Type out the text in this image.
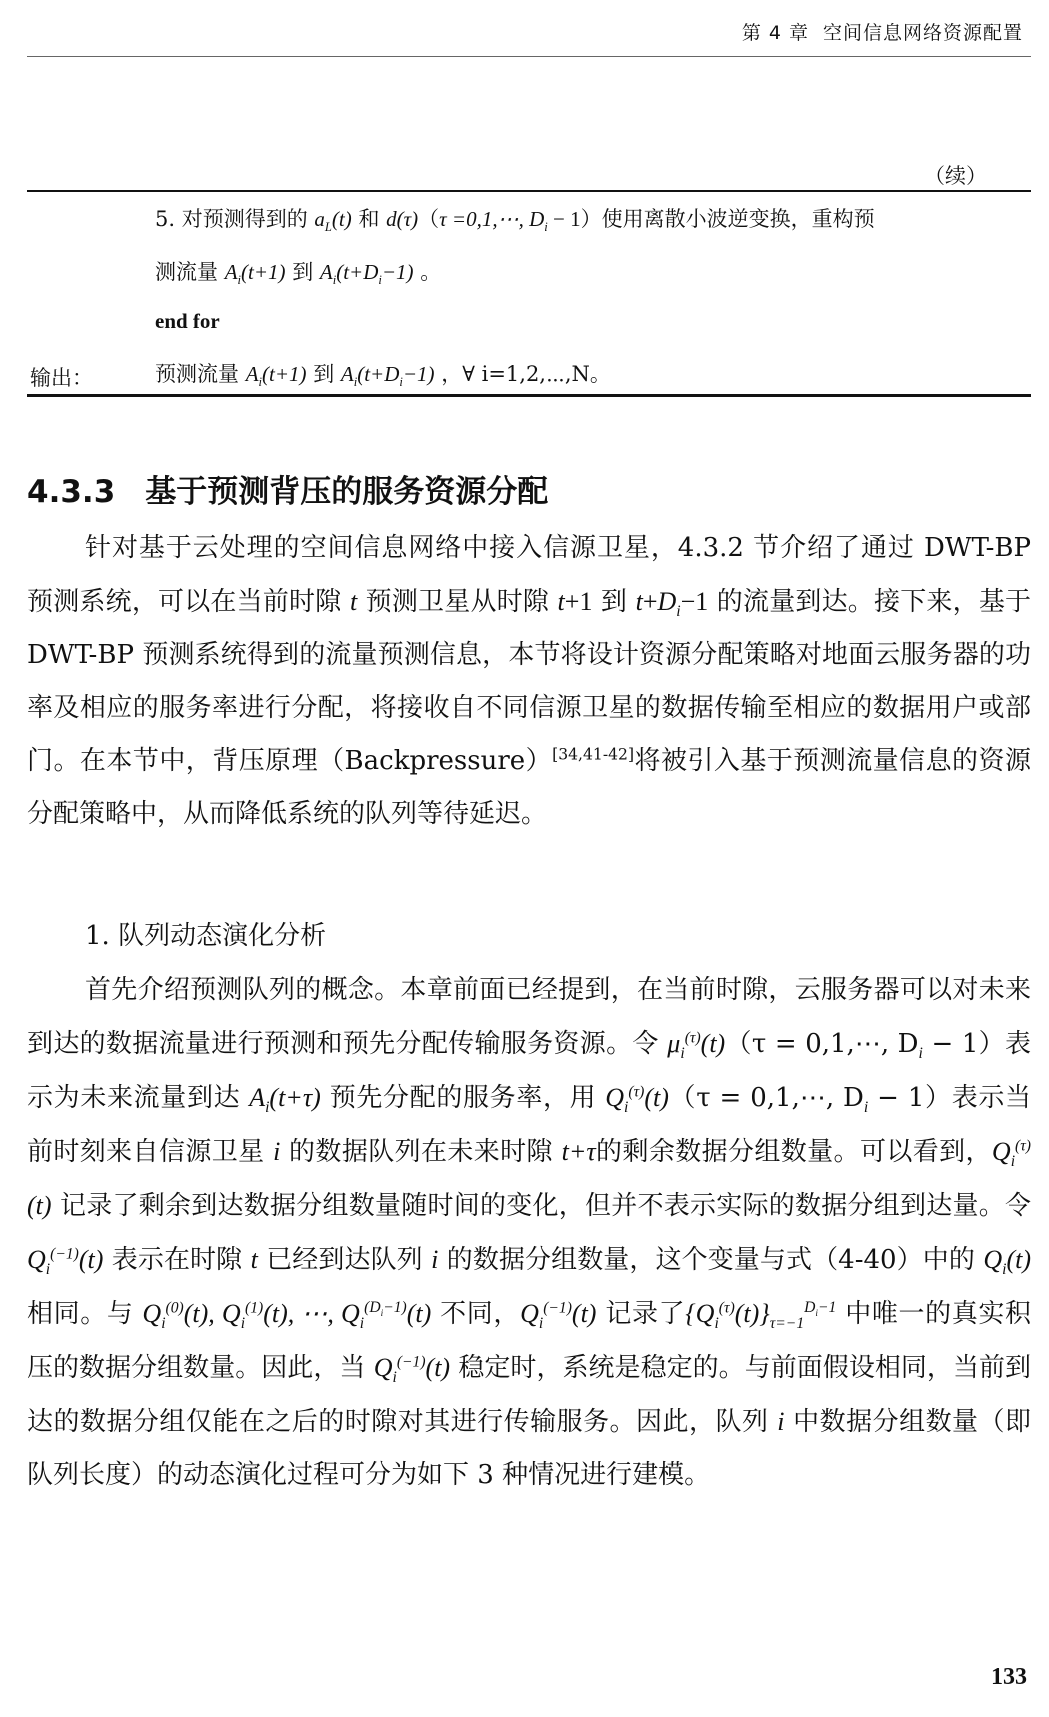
第 4 章 空间信息网络资源配置
（续）
5. 对预测得到的 $a_L(t)$ 和 d(τ)（τ =0,1,⋯, $D_i - 1$）使用离散小波逆变换，重构预
测流量 $A_i(t+1)$ 到 $A_i(t+D_i-1)$ 。
end for
输出：	预测流量 $A_i(t+1)$ 到 $A_i(t+D_i-1)$ ，∀ i=1,2,⋯,N。
4.3.3 基于预测背压的服务资源分配

针对基于云处理的空间信息网络中接入信源卫星，4.3.2 节介绍了通过 DWT-BP 预测系统，可以在当前时隙 t 预测卫星从时隙 t+1 到 $t+D_i-1$ 的流量到达。接下来，基于 DWT-BP 预测系统得到的流量预测信息，本节将设计资源分配策略对地面云服务器的功率及相应的服务率进行分配，将接收自不同信源卫星的数据传输至相应的数据用户或部门。在本节中，背压原理（Backpressure）[34,41-42]将被引入基于预测流量信息的资源分配策略中，从而降低系统的队列等待延迟。

1. 队列动态演化分析

首先介绍预测队列的概念。本章前面已经提到，在当前时隙，云服务器可以对未来到达的数据流量进行预测和预先分配传输服务资源。令 $\mu_i^{(\tau)}(t)(\tau$ = 0,1,⋯, $D_i - 1$）表示为未来流量到达 $A_i(t+\tau)$ 预先分配的服务率，用 $Q_i^{(\tau)}(t)(\tau$ = 0,1,⋯, $D_i - 1$）表示当前时刻来自信源卫星 i 的数据队列在未来时隙 t+τ的剩余数据分组数量。可以看到，$Q_i^{(\tau)}(t)$ 记录了剩余到达数据分组数量随时间的变化，但并不表示实际的数据分组到达量。令 $Q_i^{(-1)}(t)$ 表示在时隙 t 已经到达队列 i 的数据分组数量，这个变量与式（4-40）中的 $Q_i(t)$ 相同。与 $Q_i^{(0)}(t)$, $Q_i^{(1)}(t)$, ⋯, $Q_i^{(D_i-1)}(t)$ 不同，$Q_i^{(-1)}(t)$ 记录了$\{Q_i^{(\tau)}(t)\}_{\tau=-1}^{D_i-1}$ 中唯一的真实积压的数据分组数量。因此，当 $Q_i^{(-1)}(t)$ 稳定时，系统是稳定的。与前面假设相同，当前到达的数据分组仅能在之后的时隙对其进行传输服务。因此，队列 i 中数据分组数量（即队列长度）的动态演化过程可分为如下 3 种情况进行建模。

133
